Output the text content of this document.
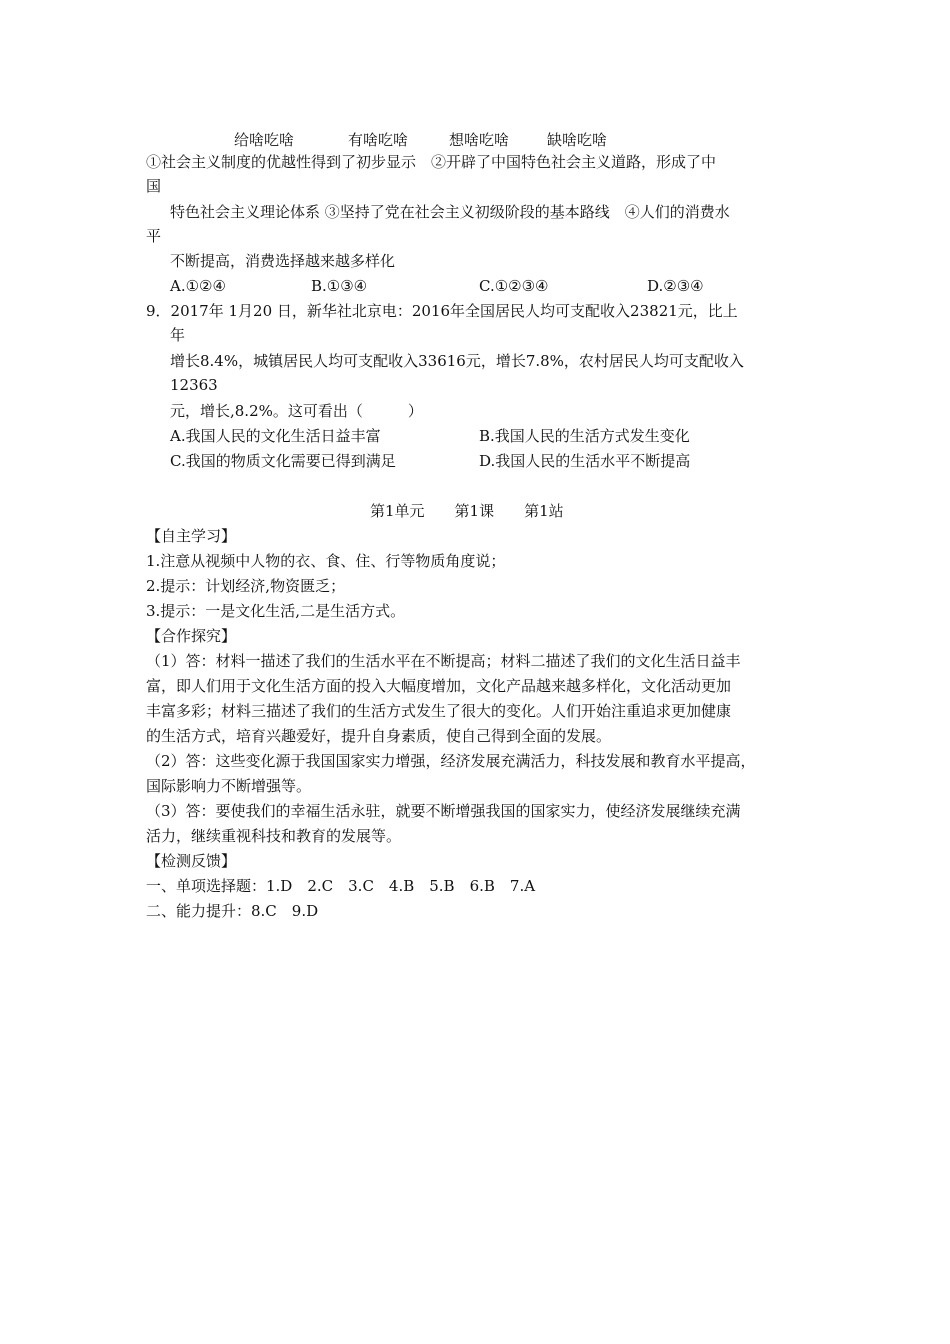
给啥吃啥	有啥吃啥	想啥吃啥	缺啥吃啥
①社会主义制度的优越性得到了初步显示　②开辟了中国特色社会主义道路，形成了中
国
特色社会主义理论体系 ③坚持了党在社会主义初级阶段的基本路线　④人们的消费水
平
不断提高，消费选择越来越多样化
A.①②④	B.①③④	C.①②③④	D.②③④
9．2017年 1月20 日，新华社北京电：2016年全国居民人均可支配收入23821元，比上
年
增长8.4%，城镇居民人均可支配收入33616元，增长7.8%，农村居民人均可支配收入
12363
元，增长,8.2%。这可看出（　　　）
A.我国人民的文化生活日益丰富	B.我国人民的生活方式发生变化
C.我国的物质文化需要已得到满足	D.我国人民的生活水平不断提高
第1单元　　第1课　　第1站
【自主学习】
1.注意从视频中人物的衣、食、住、行等物质角度说；
2.提示：计划经济,物资匮乏；
3.提示：一是文化生活,二是生活方式。
【合作探究】
（1）答：材料一描述了我们的生活水平在不断提高；材料二描述了我们的文化生活日益丰
富，即人们用于文化生活方面的投入大幅度增加，文化产品越来越多样化，文化活动更加
丰富多彩；材料三描述了我们的生活方式发生了很大的变化。人们开始注重追求更加健康
的生活方式，培育兴趣爱好，提升自身素质，使自己得到全面的发展。
（2）答：这些变化源于我国国家实力增强，经济发展充满活力，科技发展和教育水平提高，
国际影响力不断增强等。
（3）答：要使我们的幸福生活永驻，就要不断增强我国的国家实力，使经济发展继续充满
活力，继续重视科技和教育的发展等。
【检测反馈】
一、单项选择题：1.D　2.C　3.C　4.B　5.B　6.B　7.A
二、能力提升：8.C　9.D
